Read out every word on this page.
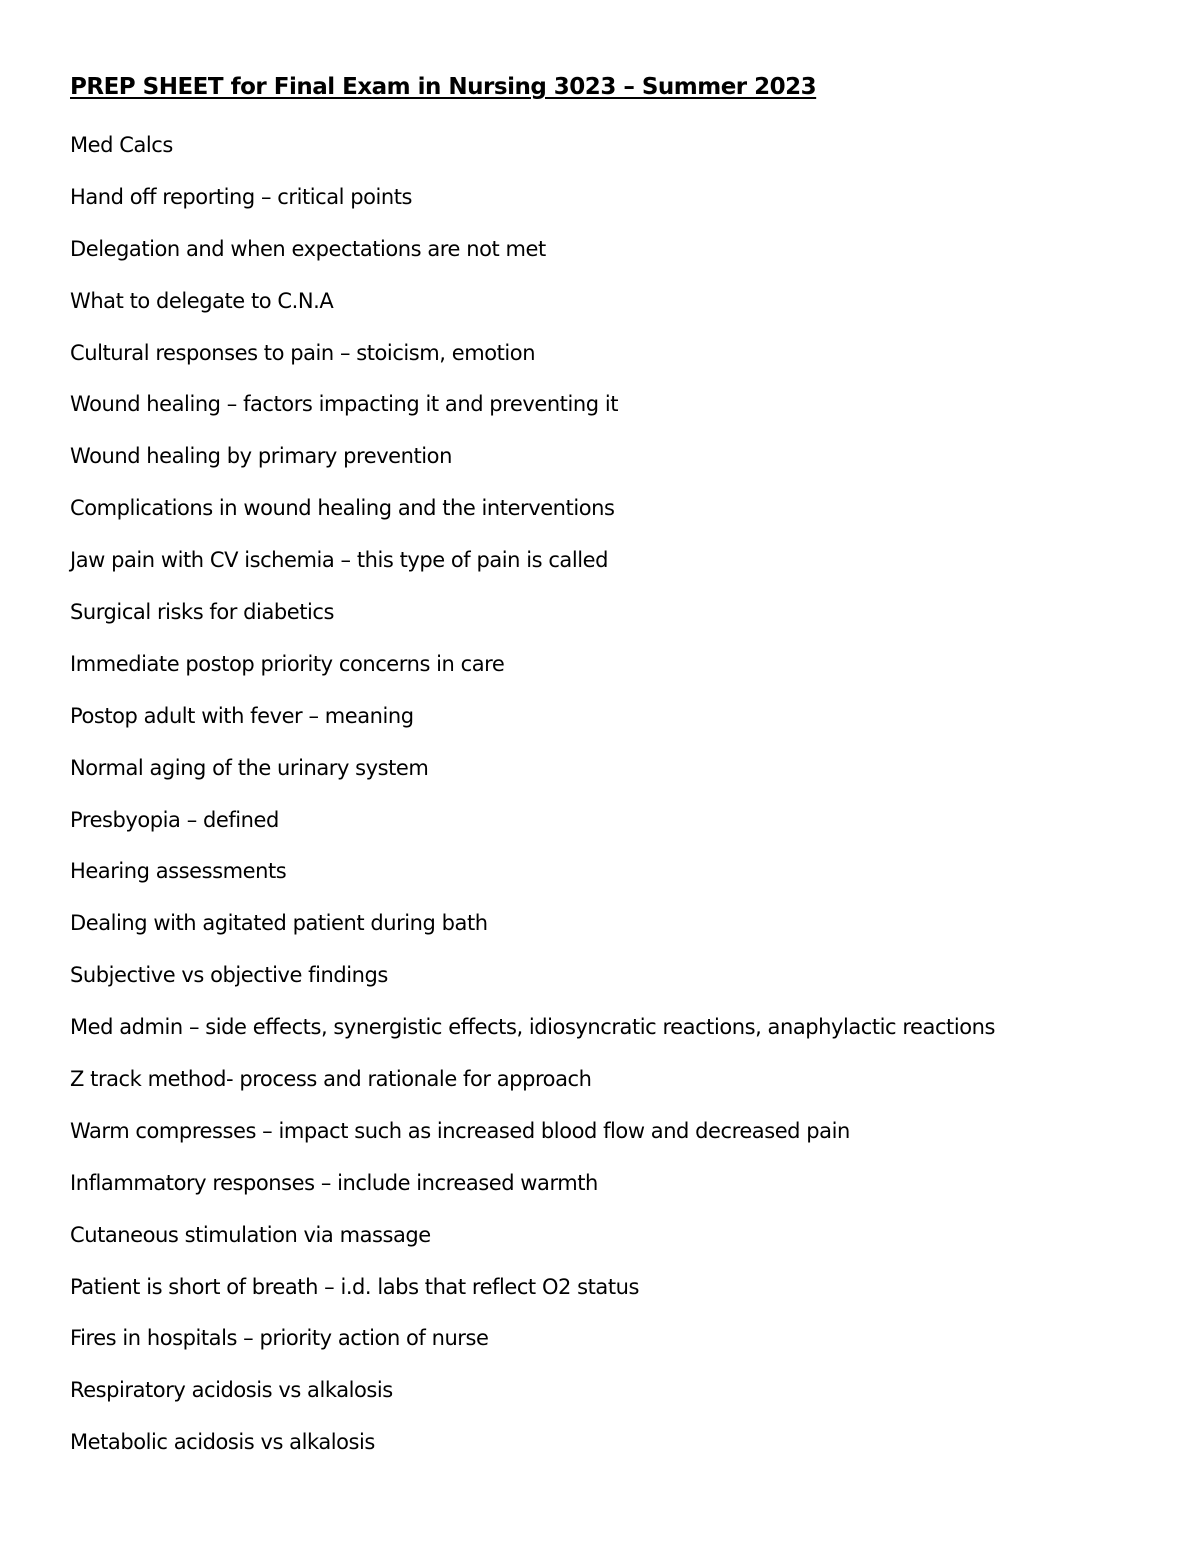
PREP SHEET for Final Exam in Nursing 3023 – Summer 2023
Med Calcs
Hand off reporting – critical points
Delegation and when expectations are not met
What to delegate to C.N.A
Cultural responses to pain – stoicism, emotion
Wound healing – factors impacting it and preventing it
Wound healing by primary prevention
Complications in wound healing and the interventions
Jaw pain with CV ischemia – this type of pain is called
Surgical risks for diabetics
Immediate postop priority concerns in care
Postop adult with fever – meaning
Normal aging of the urinary system
Presbyopia – defined
Hearing assessments
Dealing with agitated patient during bath
Subjective vs objective findings
Med admin – side effects, synergistic effects, idiosyncratic reactions, anaphylactic reactions
Z track method- process and rationale for approach
Warm compresses – impact such as increased blood flow and decreased pain
Inflammatory responses – include increased warmth
Cutaneous stimulation via massage
Patient is short of breath – i.d. labs that reflect O2 status
Fires in hospitals – priority action of nurse
Respiratory acidosis vs alkalosis
Metabolic acidosis vs alkalosis
